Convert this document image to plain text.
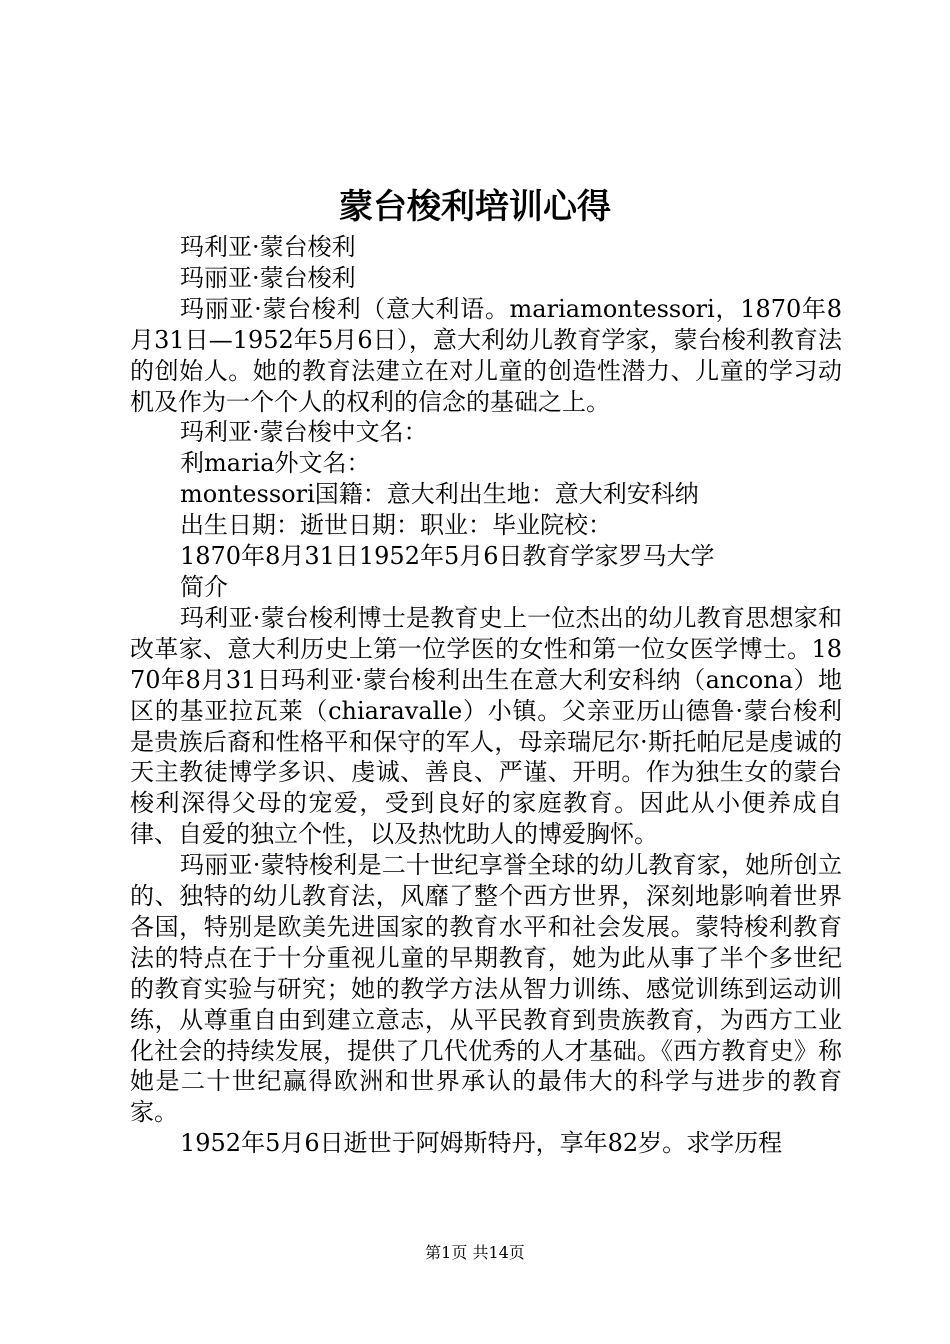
蒙台梭利培训心得

玛利亚·蒙台梭利

玛丽亚·蒙台梭利

玛丽亚·蒙台梭利（意大利语。mariamontessori，1870年8月31日—1952年5月6日），意大利幼儿教育学家，蒙台梭利教育法的创始人。她的教育法建立在对儿童的创造性潜力、儿童的学习动机及作为一个个人的权利的信念的基础之上。

玛利亚·蒙台梭中文名：

利maria外文名：

montessori国籍：意大利出生地：意大利安科纳

出生日期：逝世日期：职业：毕业院校：

1870年8月31日1952年5月6日教育学家罗马大学

简介

玛利亚·蒙台梭利博士是教育史上一位杰出的幼儿教育思想家和改革家、意大利历史上第一位学医的女性和第一位女医学博士。1870年8月31日玛利亚·蒙台梭利出生在意大利安科纳（ancona）地区的基亚拉瓦莱（chiaravalle）小镇。父亲亚历山德鲁·蒙台梭利是贵族后裔和性格平和保守的军人，母亲瑞尼尔·斯托帕尼是虔诚的天主教徒博学多识、虔诚、善良、严谨、开明。作为独生女的蒙台梭利深得父母的宠爱，受到良好的家庭教育。因此从小便养成自律、自爱的独立个性，以及热忱助人的博爱胸怀。

玛丽亚·蒙特梭利是二十世纪享誉全球的幼儿教育家，她所创立的、独特的幼儿教育法，风靡了整个西方世界，深刻地影响着世界各国，特别是欧美先进国家的教育水平和社会发展。蒙特梭利教育法的特点在于十分重视儿童的早期教育，她为此从事了半个多世纪的教育实验与研究；她的教学方法从智力训练、感觉训练到运动训练，从尊重自由到建立意志，从平民教育到贵族教育，为西方工业化社会的持续发展，提供了几代优秀的人才基础。《西方教育史》称她是二十世纪赢得欧洲和世界承认的最伟大的科学与进步的教育家。

1952年5月6日逝世于阿姆斯特丹，享年82岁。求学历程

第1页 共14页
